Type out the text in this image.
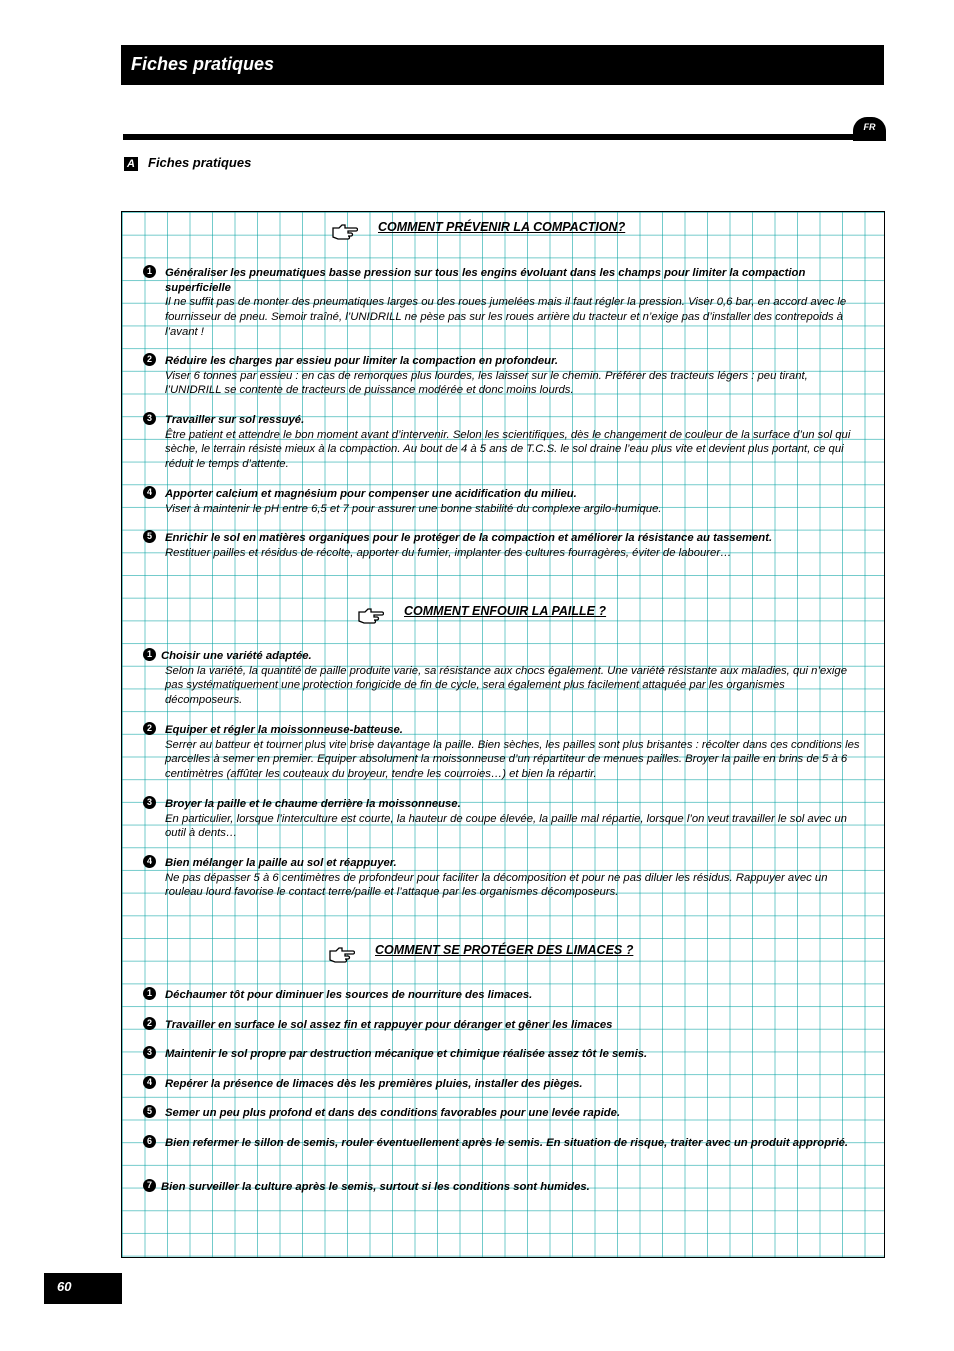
Fiches pratiques
FR
A Fiches pratiques
COMMENT PRÉVENIR LA COMPACTION?
1	Généraliser les pneumatiques basse pression sur tous les engins évoluant dans les champs pour limiter la compaction superficielle
Il ne suffit pas de monter des pneumatiques larges ou des roues jumelées mais il faut régler la pression. Viser 0,6 bar, en accord avec le fournisseur de pneu. Semoir traîné, l’UNIDRILL ne pèse pas sur les roues arrière du tracteur et n’exige pas d’installer des contrepoids à l’avant !
2	Réduire les charges par essieu pour limiter la compaction en profondeur.
Viser 6 tonnes par essieu : en cas de remorques plus lourdes, les laisser sur le chemin. Préférer des tracteurs légers : peu tirant, l’UNIDRILL se contente de tracteurs de puissance modérée et donc moins lourds.
3	Travailler sur sol ressuyé.
Être patient et attendre le bon moment avant d’intervenir. Selon les scientifiques, dès le changement de couleur de la surface d’un sol qui sèche, le terrain résiste mieux à la compaction. Au bout de 4 à 5 ans de T.C.S. le sol draine l’eau plus vite et devient plus portant, ce qui réduit le temps d’attente.
4	Apporter calcium et magnésium pour compenser une acidification du milieu.
Viser à maintenir le pH entre 6,5 et 7 pour assurer une bonne stabilité du complexe argilo-humique.
5	Enrichir le sol en matières organiques pour le protéger de la compaction et améliorer la résistance au tassement.
Restituer pailles et résidus de récolte, apporter du fumier, implanter des cultures fourragères, éviter de labourer…
COMMENT ENFOUIR LA PAILLE ?
1 Choisir une variété adaptée.
Selon la variété, la quantité de paille produite varie, sa résistance aux chocs également. Une variété résistante aux maladies, qui n’exige pas systématiquement une protection fongicide de fin de cycle, sera également plus facilement attaquée par les organismes décomposeurs.
2	Equiper et régler la moissonneuse-batteuse.
Serrer au batteur et tourner plus vite brise davantage la paille. Bien sèches, les pailles sont plus brisantes : récolter dans ces conditions les parcelles à semer en premier. Equiper absolument la moissonneuse d’un répartiteur de menues pailles. Broyer la paille en brins de 5 à 6 centimètres (affûter les couteaux du broyeur, tendre les courroies…) et bien la répartir.
3	Broyer la paille et le chaume derrière la moissonneuse.
En particulier, lorsque l’interculture est courte, la hauteur de coupe élevée, la paille mal répartie, lorsque l’on veut travailler le sol avec un outil à dents…
4	Bien mélanger la paille au sol et réappuyer.
Ne pas dépasser 5 à 6 centimètres de profondeur pour faciliter la décomposition et pour ne pas diluer les résidus. Rappuyer avec un rouleau lourd favorise le contact terre/paille et l’attaque par les organismes décomposeurs.
COMMENT SE PROTÉGER DES LIMACES ?
1	Déchaumer tôt pour diminuer les sources de nourriture des limaces.
2	Travailler en surface le sol assez fin et rappuyer pour déranger et gêner les limaces
3	Maintenir le sol propre par destruction mécanique et chimique réalisée assez tôt le semis.
4	Repérer la présence de limaces dès les premières pluies, installer des pièges.
5	Semer un peu plus profond et dans des conditions favorables pour une levée rapide.
6	Bien refermer le sillon de semis, rouler éventuellement après le semis. En situation de risque, traiter avec un produit approprié.
7 Bien surveiller la culture après le semis, surtout si les conditions sont humides.
60
